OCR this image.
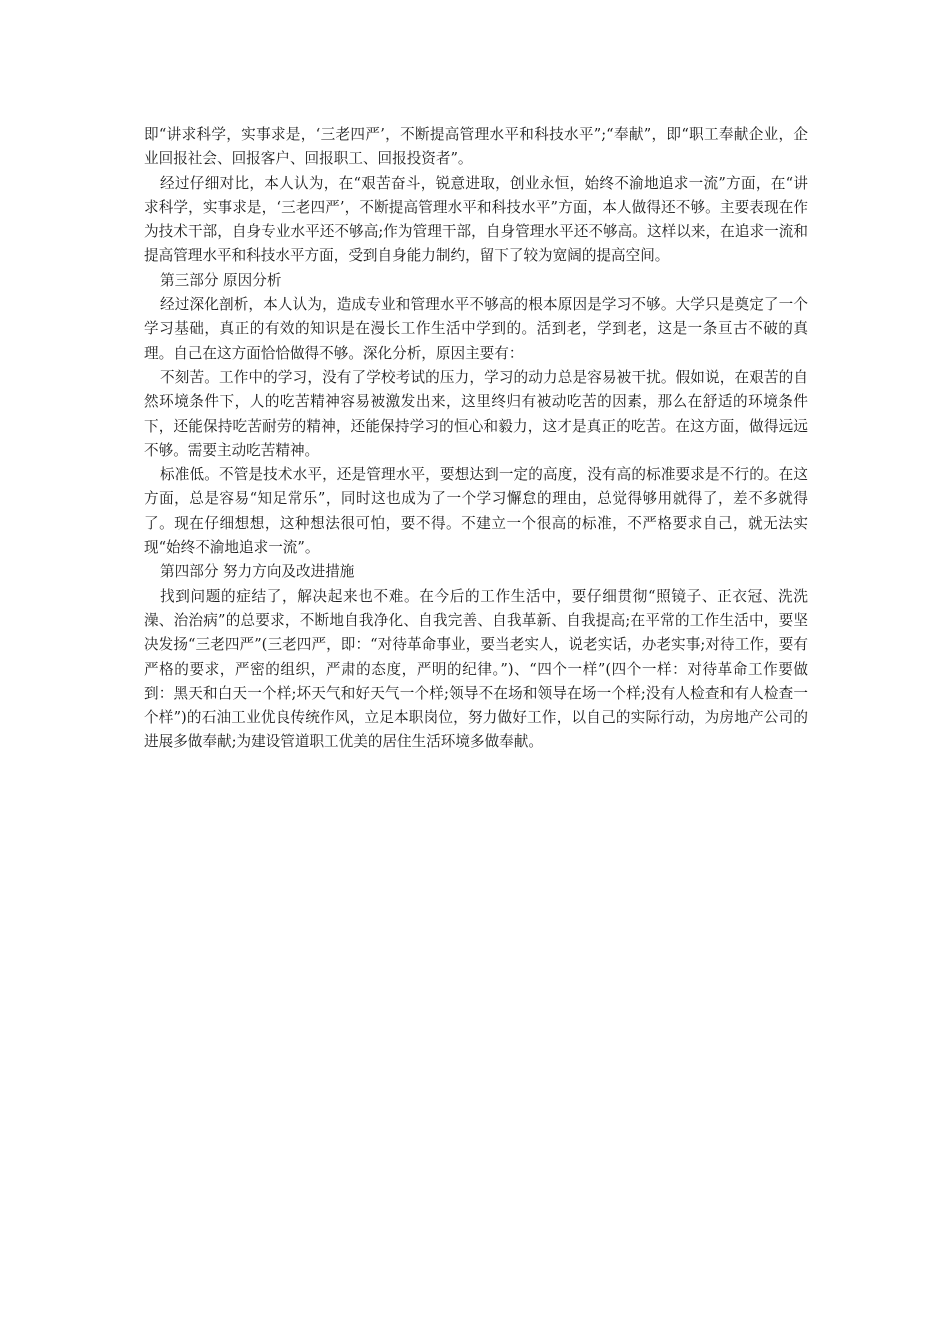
即“讲求科学，实事求是，‘三老四严’，不断提高管理水平和科技水平”;“奉献”，即“职工奉献企业，企业回报社会、回报客户、回报职工、回报投资者”。

经过仔细对比，本人认为，在“艰苦奋斗，锐意进取，创业永恒，始终不渝地追求一流”方面，在“讲求科学，实事求是，‘三老四严’，不断提高管理水平和科技水平”方面，本人做得还不够。主要表现在作为技术干部，自身专业水平还不够高;作为管理干部，自身管理水平还不够高。这样以来，在追求一流和提高管理水平和科技水平方面，受到自身能力制约，留下了较为宽阔的提高空间。

第三部分 原因分析

经过深化剖析，本人认为，造成专业和管理水平不够高的根本原因是学习不够。大学只是奠定了一个学习基础，真正的有效的知识是在漫长工作生活中学到的。活到老，学到老，这是一条亘古不破的真理。自己在这方面恰恰做得不够。深化分析，原因主要有：

不刻苦。工作中的学习，没有了学校考试的压力，学习的动力总是容易被干扰。假如说，在艰苦的自然环境条件下，人的吃苦精神容易被激发出来，这里终归有被动吃苦的因素，那么在舒适的环境条件下，还能保持吃苦耐劳的精神，还能保持学习的恒心和毅力，这才是真正的吃苦。在这方面，做得远远不够。需要主动吃苦精神。

标准低。不管是技术水平，还是管理水平，要想达到一定的高度，没有高的标准要求是不行的。在这方面，总是容易“知足常乐”，同时这也成为了一个学习懈怠的理由，总觉得够用就得了，差不多就得了。现在仔细想想，这种想法很可怕，要不得。不建立一个很高的标准，不严格要求自己，就无法实现“始终不渝地追求一流”。

第四部分 努力方向及改进措施

找到问题的症结了，解决起来也不难。在今后的工作生活中，要仔细贯彻“照镜子、正衣冠、洗洗澡、治治病”的总要求，不断地自我净化、自我完善、自我革新、自我提高;在平常的工作生活中，要坚决发扬“三老四严”(三老四严，即：“对待革命事业，要当老实人，说老实话，办老实事;对待工作，要有严格的要求，严密的组织，严肃的态度，严明的纪律。”)、“四个一样”(四个一样：对待革命工作要做到：黑天和白天一个样;坏天气和好天气一个样;领导不在场和领导在场一个样;没有人检查和有人检查一个样”)的石油工业优良传统作风，立足本职岗位，努力做好工作，以自己的实际行动，为房地产公司的进展多做奉献;为建设管道职工优美的居住生活环境多做奉献。
